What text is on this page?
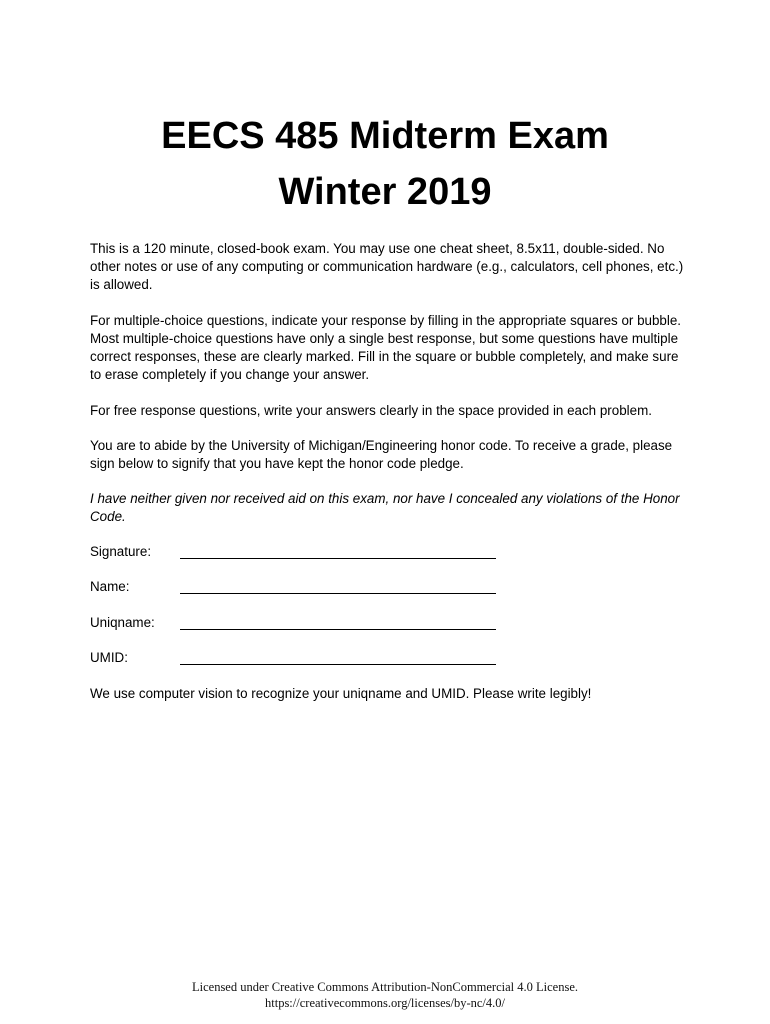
EECS 485 Midterm Exam
Winter 2019

This is a 120 minute, closed-book exam. You may use one cheat sheet, 8.5x11, double-sided. No other notes or use of any computing or communication hardware (e.g., calculators, cell phones, etc.) is allowed.

For multiple-choice questions, indicate your response by filling in the appropriate squares or bubble. Most multiple-choice questions have only a single best response, but some questions have multiple correct responses, these are clearly marked. Fill in the square or bubble completely, and make sure to erase completely if you change your answer.

For free response questions, write your answers clearly in the space provided in each problem.

You are to abide by the University of Michigan/Engineering honor code. To receive a grade, please sign below to signify that you have kept the honor code pledge.

I have neither given nor received aid on this exam, nor have I concealed any violations of the Honor Code.

Signature:
Name:
Uniqname:
UMID:

We use computer vision to recognize your uniqname and UMID. Please write legibly!

Licensed under Creative Commons Attribution-NonCommercial 4.0 License.
https://creativecommons.org/licenses/by-nc/4.0/
